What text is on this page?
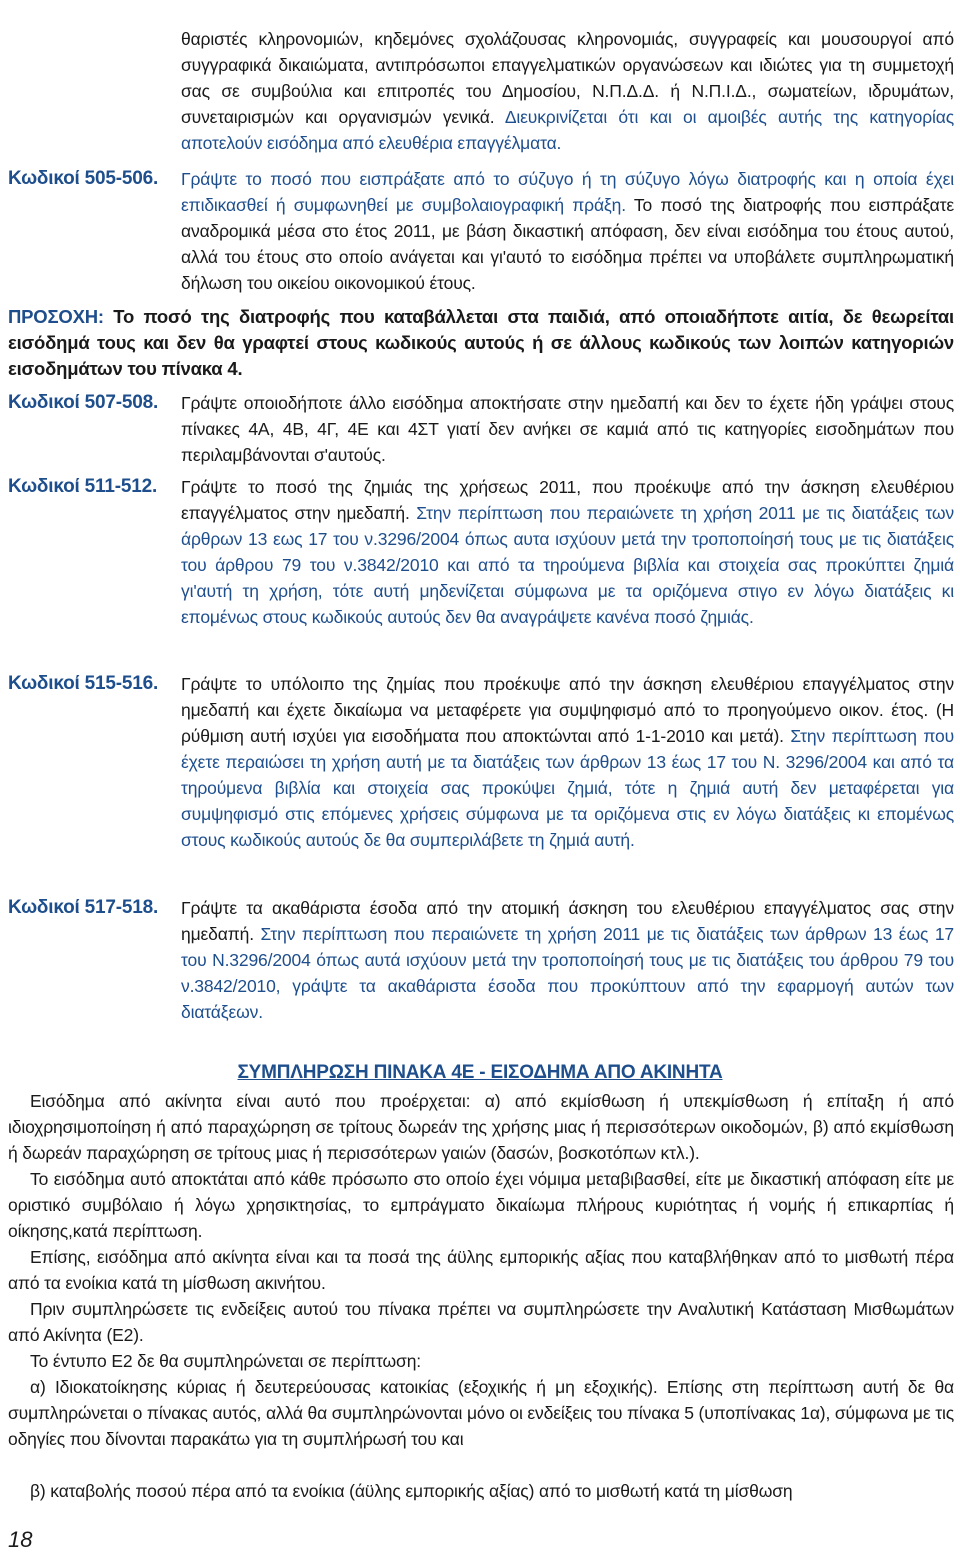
θαριστές κληρονομιών, κηδεμόνες σχολάζουσας κληρονομιάς, συγγραφείς και μουσουργοί από συγγραφικά δικαιώματα, αντιπρόσωποι επαγγελματικών οργανώσεων και ιδιώτες για τη συμμετοχή σας σε συμβούλια και επιτροπές του Δημοσίου, Ν.Π.Δ.Δ. ή Ν.Π.Ι.Δ., σωματείων, ιδρυμάτων, συνεταιρισμών και οργανισμών γενικά. Διευκρινίζεται ότι και οι αμοιβές αυτής της κατηγορίας αποτελούν εισόδημα από ελευθέρια επαγγέλματα.
Κωδικοί 505-506. Γράψτε το ποσό που εισπράξατε από το σύζυγο ή τη σύζυγο λόγω διατροφής και η οποία έχει επιδικασθεί ή συμφωνηθεί με συμβολαιογραφική πράξη. Το ποσό της διατροφής που εισπράξατε αναδρομικά μέσα στο έτος 2011, με βάση δικαστική απόφαση, δεν είναι εισόδημα του έτους αυτού, αλλά του έτους στο οποίο ανάγεται και γι'αυτό το εισόδημα πρέπει να υποβάλετε συμπληρωματική δήλωση του οικείου οικονομικού έτους.
ΠΡΟΣΟΧΗ: Το ποσό της διατροφής που καταβάλλεται στα παιδιά, από οποιαδήποτε αιτία, δε θεωρείται εισόδημά τους και δεν θα γραφτεί στους κωδικούς αυτούς ή σε άλλους κωδικούς των λοιπών κατηγοριών εισοδημάτων του πίνακα 4.
Κωδικοί 507-508. Γράψτε οποιοδήποτε άλλο εισόδημα αποκτήσατε στην ημεδαπή και δεν το έχετε ήδη γράψει στους πίνακες 4Α, 4Β, 4Γ, 4Ε και 4ΣΤ γιατί δεν ανήκει σε καμιά από τις κατηγορίες εισοδημάτων που περιλαμβάνονται σ'αυτούς.
Κωδικοί 511-512. Γράψτε το ποσό της ζημιάς της χρήσεως 2011, που προέκυψε από την άσκηση ελευθέριου επαγγέλματος στην ημεδαπή. Στην περίπτωση που περαιώνετε τη χρήση 2011 με τις διατάξεις των άρθρων 13 εως 17 του ν.3296/2004 όπως αυτα ισχύουν μετά την τροποποίησή τους με τις διατάξεις του άρθρου 79 του ν.3842/2010 και από τα τηρούμενα βιβλία και στοιχεία σας προκύπτει ζημιά γι'αυτή τη χρήση, τότε αυτή μηδενίζεται σύμφωνα με τα οριζόμενα στιγο εν λόγω διατάξεις κι επομένως στους κωδικούς αυτούς δεν θα αναγράψετε κανένα ποσό ζημιάς.
Κωδικοί 515-516. Γράψτε το υπόλοιπο της ζημίας που προέκυψε από την άσκηση ελευθέριου επαγγέλματος στην ημεδαπή και έχετε δικαίωμα να μεταφέρετε για συμψηφισμό από το προηγούμενο οικον. έτος. (Η ρύθμιση αυτή ισχύει για εισοδήματα που αποκτώνται από 1-1-2010 και μετά). Στην περίπτωση που έχετε περαιώσει τη χρήση αυτή με τα διατάξεις των άρθρων 13 έως 17 του Ν. 3296/2004 και από τα τηρούμενα βιβλία και στοιχεία σας προκύψει ζημιά, τότε η ζημιά αυτή δεν μεταφέρεται για συμψηφισμό στις επόμενες χρήσεις σύμφωνα με τα οριζόμενα στις εν λόγω διατάξεις κι επομένως στους κωδικούς αυτούς δε θα συμπεριλάβετε τη ζημιά αυτή.
Κωδικοί 517-518. Γράψτε τα ακαθάριστα έσοδα από την ατομική άσκηση του ελευθέριου επαγγέλματος σας στην ημεδαπή. Στην περίπτωση που περαιώνετε τη χρήση 2011 με τις διατάξεις των άρθρων 13 έως 17 του Ν.3296/2004 όπως αυτά ισχύουν μετά την τροποποίησή τους με τις διατάξεις του άρθρου 79 του ν.3842/2010, γράψτε τα ακαθάριστα έσοδα που προκύπτουν από την εφαρμογή αυτών των διατάξεων.
ΣΥΜΠΛΗΡΩΣΗ ΠΙΝΑΚΑ 4Ε - ΕΙΣΟΔΗΜΑ ΑΠΟ ΑΚΙΝΗΤΑ
Εισόδημα από ακίνητα είναι αυτό που προέρχεται: α) από εκμίσθωση ή υπεκμίσθωση ή επίταξη ή από ιδιοχρησιμοποίηση ή από παραχώρηση σε τρίτους δωρεάν της χρήσης μιας ή περισσότερων οικοδομών, β) από εκμίσθωση ή δωρεάν παραχώρηση σε τρίτους μιας ή περισσότερων γαιών (δασών, βοσκοτόπων κτλ.).
Το εισόδημα αυτό αποκτάται από κάθε πρόσωπο στο οποίο έχει νόμιμα μεταβιβασθεί, είτε με δικαστική απόφαση είτε με οριστικό συμβόλαιο ή λόγω χρησικτησίας, το εμπράγματο δικαίωμα πλήρους κυριότητας ή νομής ή επικαρπίας ή οίκησης,κατά περίπτωση.
Επίσης, εισόδημα από ακίνητα είναι και τα ποσά της άϋλης εμπορικής αξίας που καταβλήθηκαν από το μισθωτή πέρα από τα ενοίκια κατά τη μίσθωση ακινήτου.
Πριν συμπληρώσετε τις ενδείξεις αυτού του πίνακα πρέπει να συμπληρώσετε την Αναλυτική Κατάσταση Μισθωμάτων από Ακίνητα (Ε2).
Το έντυπο Ε2 δε θα συμπληρώνεται σε περίπτωση:
α) Ιδιοκατοίκησης κύριας ή δευτερεύουσας κατοικίας (εξοχικής ή μη εξοχικής). Επίσης στη περίπτωση αυτή δε θα συμπληρώνεται ο πίνακας αυτός, αλλά θα συμπληρώνονται μόνο οι ενδείξεις του πίνακα 5 (υποπίνακας 1α), σύμφωνα με τις οδηγίες που δίνονται παρακάτω για τη συμπλήρωσή του και
β) καταβολής ποσού πέρα από τα ενοίκια (άϋλης εμπορικής αξίας) από το μισθωτή κατά τη μίσθωση
18
